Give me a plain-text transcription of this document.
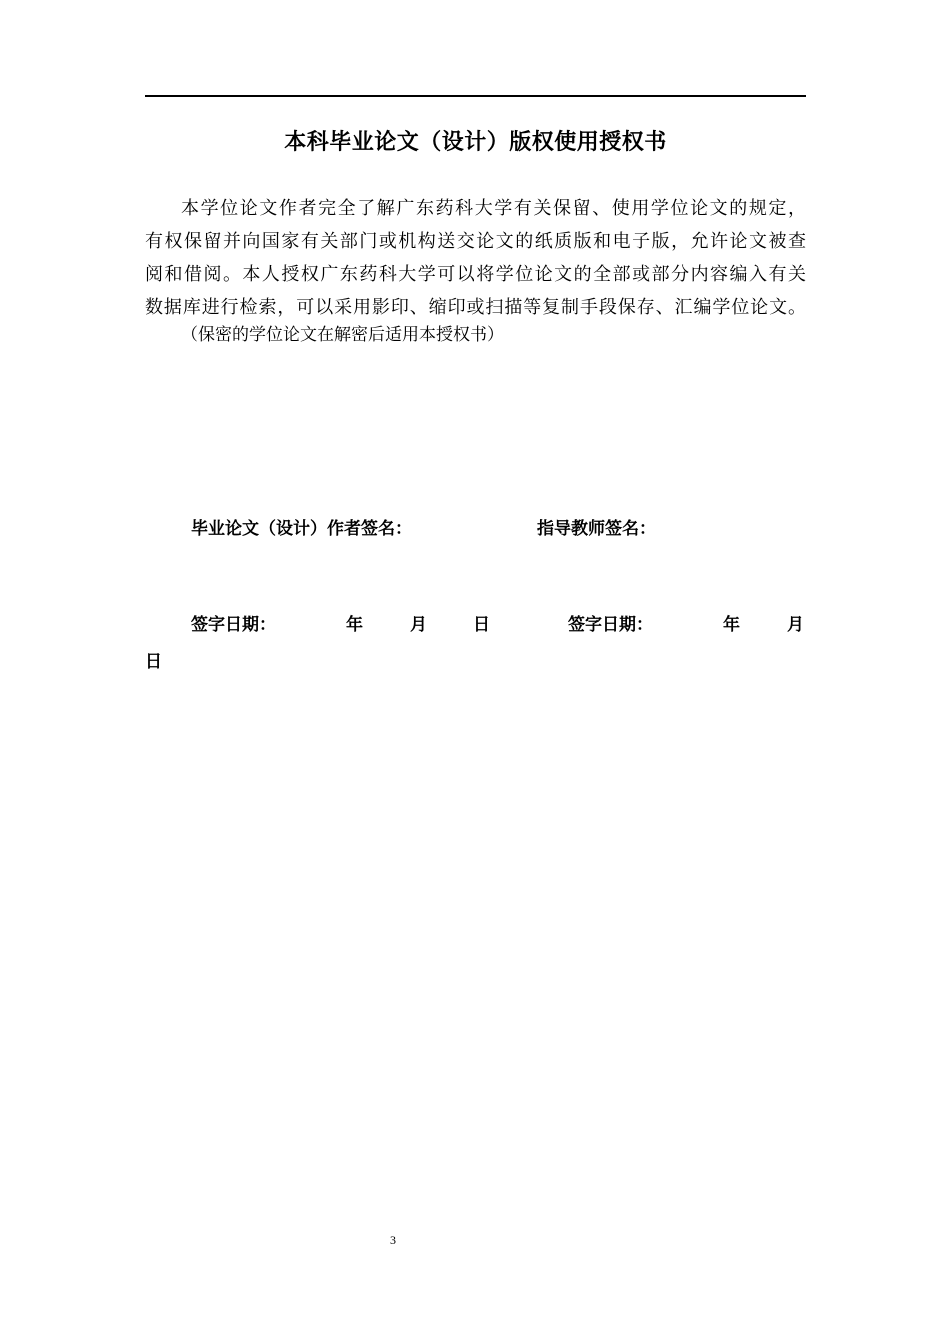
本科毕业论文（设计）版权使用授权书
本学位论文作者完全了解广东药科大学有关保留、使用学位论文的规定，
有权保留并向国家有关部门或机构送交论文的纸质版和电子版，允许论文被查
阅和借阅。本人授权广东药科大学可以将学位论文的全部或部分内容编入有关
数据库进行检索，可以采用影印、缩印或扫描等复制手段保存、汇编学位论文。
（保密的学位论文在解密后适用本授权书）
毕业论文（设计）作者签名：	指导教师签名：
签字日期：	年	月	日	签字日期：	年	月
日
3
